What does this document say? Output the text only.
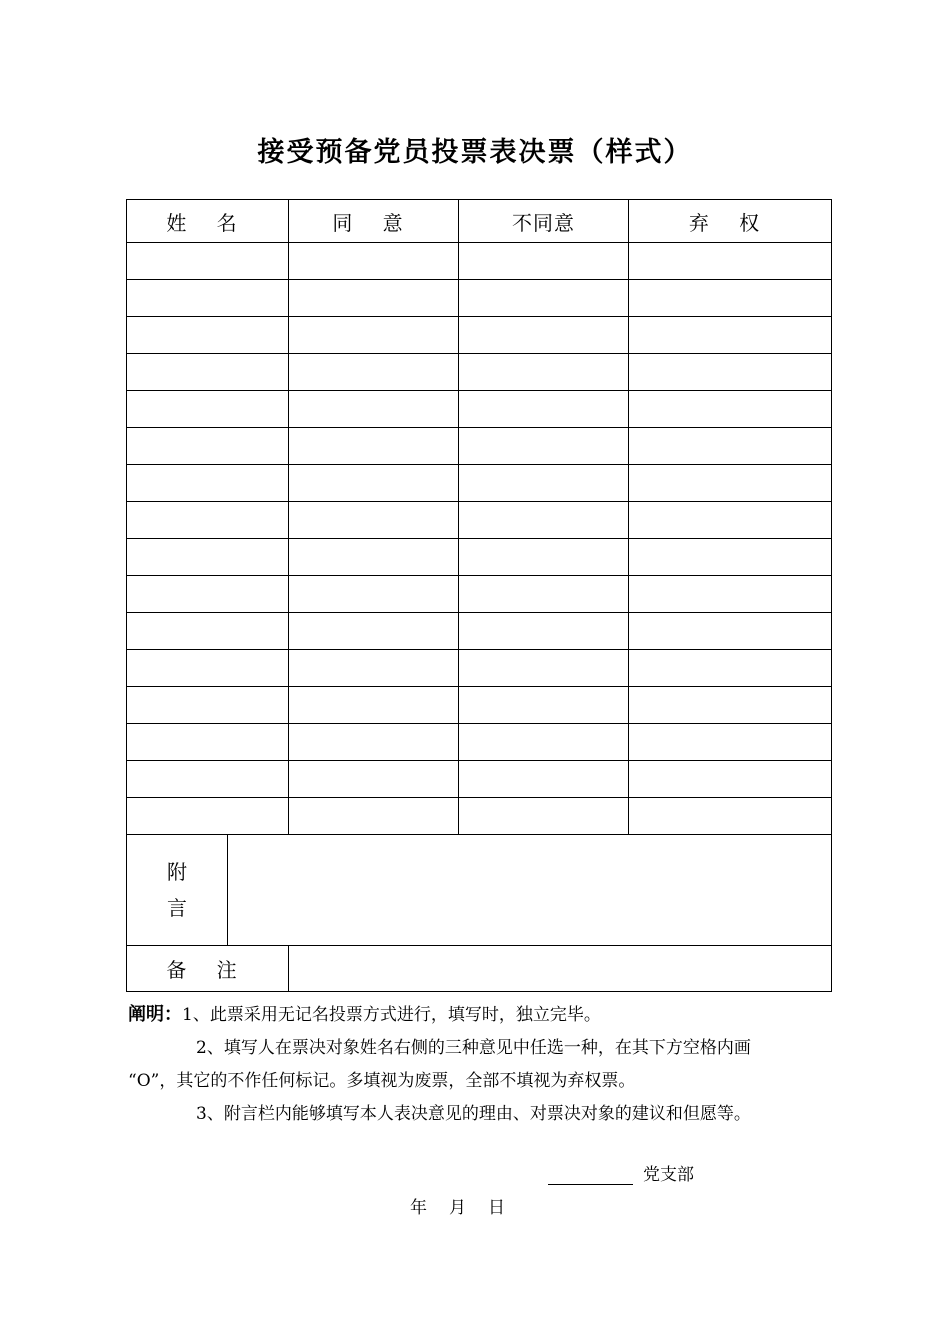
接受预备党员投票表决票（样式）
姓 名		同 意	不同意	弃 权

附
言				
备 注				

阐明：1、此票采用无记名投票方式进行，填写时，独立完毕。

2、填写人在票决对象姓名右侧的三种意见中任选一种，在其下方空格内画

“O”，其它的不作任何标记。多填视为废票，全部不填视为弃权票。

3、附言栏内能够填写本人表决意见的理由、对票决对象的建议和但愿等。

党支部
年 月 日
